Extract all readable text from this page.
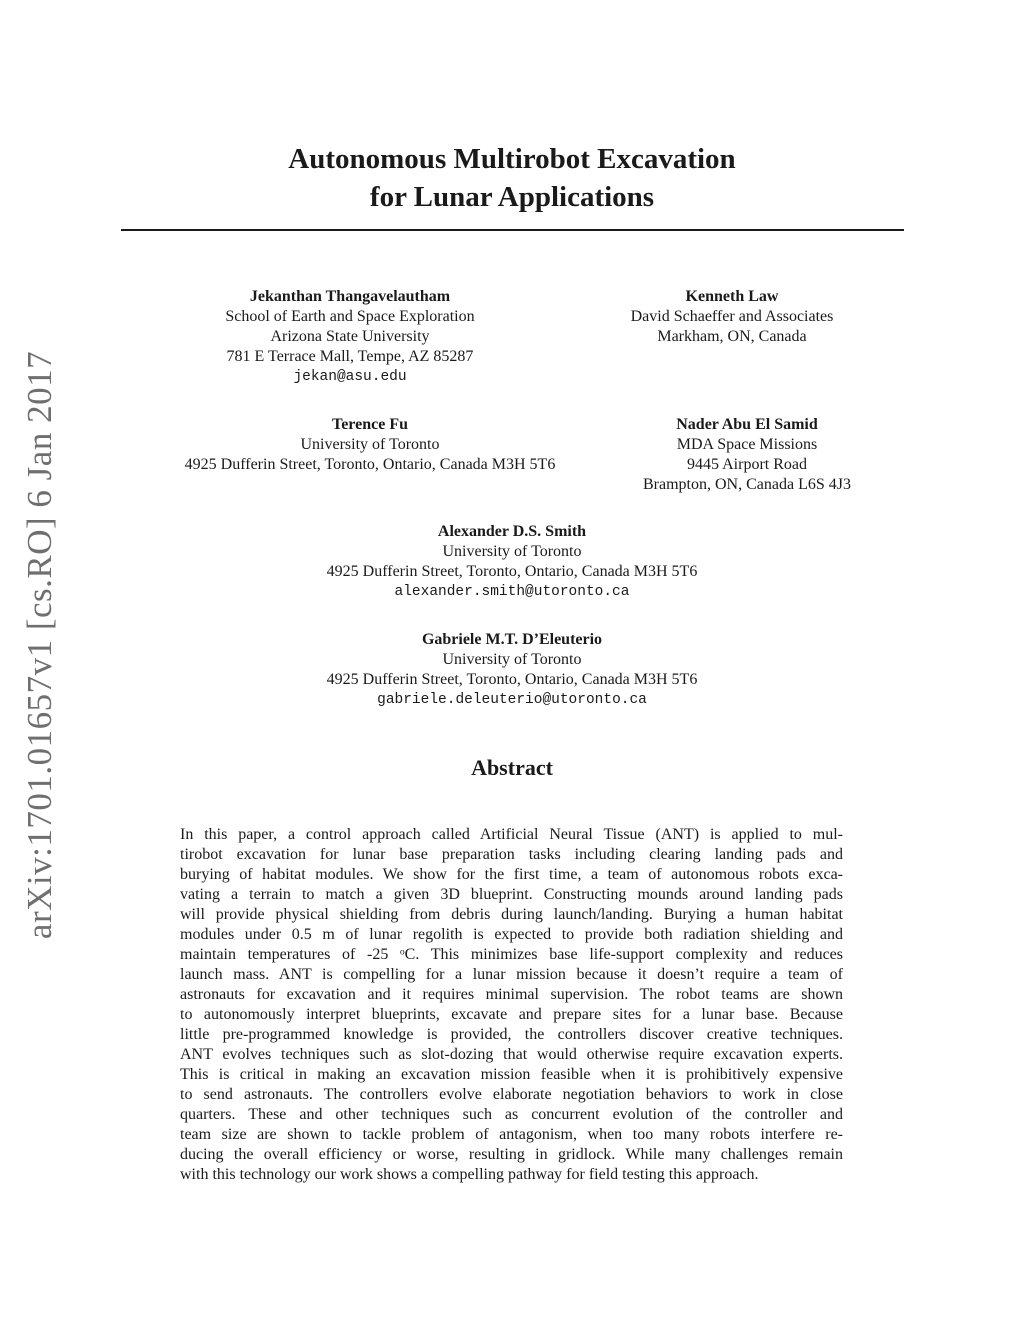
arXiv:1701.01657v1 [cs.RO] 6 Jan 2017
Autonomous Multirobot Excavation
for Lunar Applications
Jekanthan Thangavelautham
School of Earth and Space Exploration
Arizona State University
781 E Terrace Mall, Tempe, AZ 85287
jekan@asu.edu
Kenneth Law
David Schaeffer and Associates
Markham, ON, Canada
Terence Fu
University of Toronto
4925 Dufferin Street, Toronto, Ontario, Canada M3H 5T6
Nader Abu El Samid
MDA Space Missions
9445 Airport Road
Brampton, ON, Canada L6S 4J3
Alexander D.S. Smith
University of Toronto
4925 Dufferin Street, Toronto, Ontario, Canada M3H 5T6
alexander.smith@utoronto.ca
Gabriele M.T. D’Eleuterio
University of Toronto
4925 Dufferin Street, Toronto, Ontario, Canada M3H 5T6
gabriele.deleuterio@utoronto.ca
Abstract
In this paper, a control approach called Artificial Neural Tissue (ANT) is applied to mul-
tirobot excavation for lunar base preparation tasks including clearing landing pads and
burying of habitat modules. We show for the first time, a team of autonomous robots exca-
vating a terrain to match a given 3D blueprint. Constructing mounds around landing pads
will provide physical shielding from debris during launch/landing. Burying a human habitat
modules under 0.5 m of lunar regolith is expected to provide both radiation shielding and
maintain temperatures of -25 ᵒC. This minimizes base life-support complexity and reduces
launch mass. ANT is compelling for a lunar mission because it doesn’t require a team of
astronauts for excavation and it requires minimal supervision. The robot teams are shown
to autonomously interpret blueprints, excavate and prepare sites for a lunar base. Because
little pre-programmed knowledge is provided, the controllers discover creative techniques.
ANT evolves techniques such as slot-dozing that would otherwise require excavation experts.
This is critical in making an excavation mission feasible when it is prohibitively expensive
to send astronauts. The controllers evolve elaborate negotiation behaviors to work in close
quarters. These and other techniques such as concurrent evolution of the controller and
team size are shown to tackle problem of antagonism, when too many robots interfere re-
ducing the overall efficiency or worse, resulting in gridlock. While many challenges remain
with this technology our work shows a compelling pathway for field testing this approach.
